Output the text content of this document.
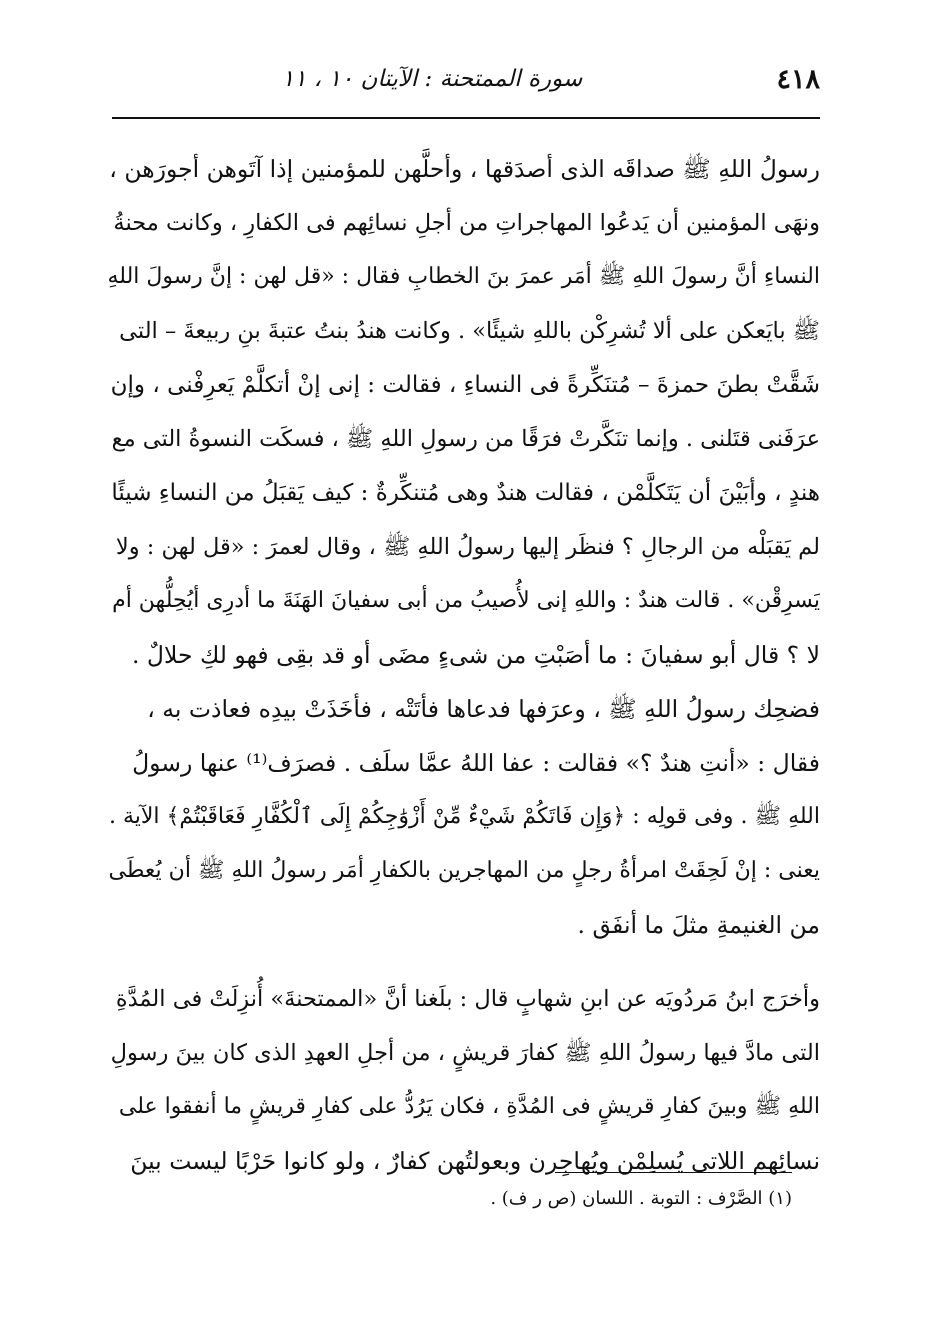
٤١٨
سورة الممتحنة : الآيتان ١٠ ، ١١
رسولُ اللهِ ﷺ صداقَه الذى أصدَقها ، وأحلَّهن للمؤمنين إذا آتَوهن أجورَهن ،
ونهَى المؤمنين أن يَدعُوا المهاجراتِ من أجلِ نسائِهم فى الكفارِ ، وكانت محنةُ
النساءِ أنَّ رسولَ اللهِ ﷺ أمَر عمرَ بنَ الخطابِ فقال : «قل لهن : إنَّ رسولَ اللهِ
ﷺ بايَعكن على ألا تُشرِكْن باللهِ شيئًا» . وكانت هندُ بنتُ عتبةَ بنِ ربيعةَ – التى
شَقَّتْ بطنَ حمزةَ – مُتنَكِّرةً فى النساءِ ، فقالت : إنى إنْ أتكلَّمْ يَعرِفْنى ، وإن
عرَفَنى قتَلنى . وإنما تنَكَّرتْ فرَقًا من رسولِ اللهِ ﷺ ، فسكَت النسوةُ التى مع
هندٍ ، وأبَيْنَ أن يَتَكلَّمْن ، فقالت هندٌ وهى مُتنكِّرةٌ : كيف يَقبَلُ من النساءِ شيئًا
لم يَقبَلْه من الرجالِ ؟ فنظَر إليها رسولُ اللهِ ﷺ ، وقال لعمرَ : «قل لهن : ولا
يَسرِقْن» . قالت هندٌ : واللهِ إنى لأُصيبُ من أبى سفيانَ الهَنَةَ ما أدرِى أيُحِلُّهن أم
لا ؟ قال أبو سفيانَ : ما أصَبْتِ من شىءٍ مضَى أو قد بقِى فهو لكِ حلالٌ .
فضحِك رسولُ اللهِ ﷺ ، وعرَفها فدعاها فأتَتْه ، فأخَذَتْ بيدِه فعاذت به ،
فقال : «أنتِ هندٌ ؟» فقالت : عفا اللهُ عمَّا سلَف . فصرَف⁽¹⁾ عنها رسولُ
اللهِ ﷺ . وفى قولِه : ﴿وَإِن فَاتَكُمْ شَيْءٌ مِّنْ أَزْوَٰجِكُمْ إِلَى ٱلْكُفَّارِ فَعَاقَبْتُمْ﴾ الآية .
يعنى : إنْ لَحِقَتْ امرأةُ رجلٍ من المهاجرين بالكفارِ أمَر رسولُ اللهِ ﷺ أن يُعطَى
من الغنيمةِ مثلَ ما أنفَق .
وأخرَج ابنُ مَردُويَه عن ابنِ شهابٍ قال : بلَغنا أنَّ «الممتحنةَ» أُنزِلَتْ فى المُدَّةِ
التى مادَّ فيها رسولُ اللهِ ﷺ كفارَ قريشٍ ، من أجلِ العهدِ الذى كان بينَ رسولِ
اللهِ ﷺ وبينَ كفارِ قريشٍ فى المُدَّةِ ، فكان يَرُدُّ على كفارِ قريشٍ ما أنفقوا على
نسائِهم اللاتى يُسلِمْن ويُهاجِرن وبعولتُهن كفارٌ ، ولو كانوا حَرْبًا ليست بينَ
(١) الصَّرْف : التوبة . اللسان (ص ر ف) .
